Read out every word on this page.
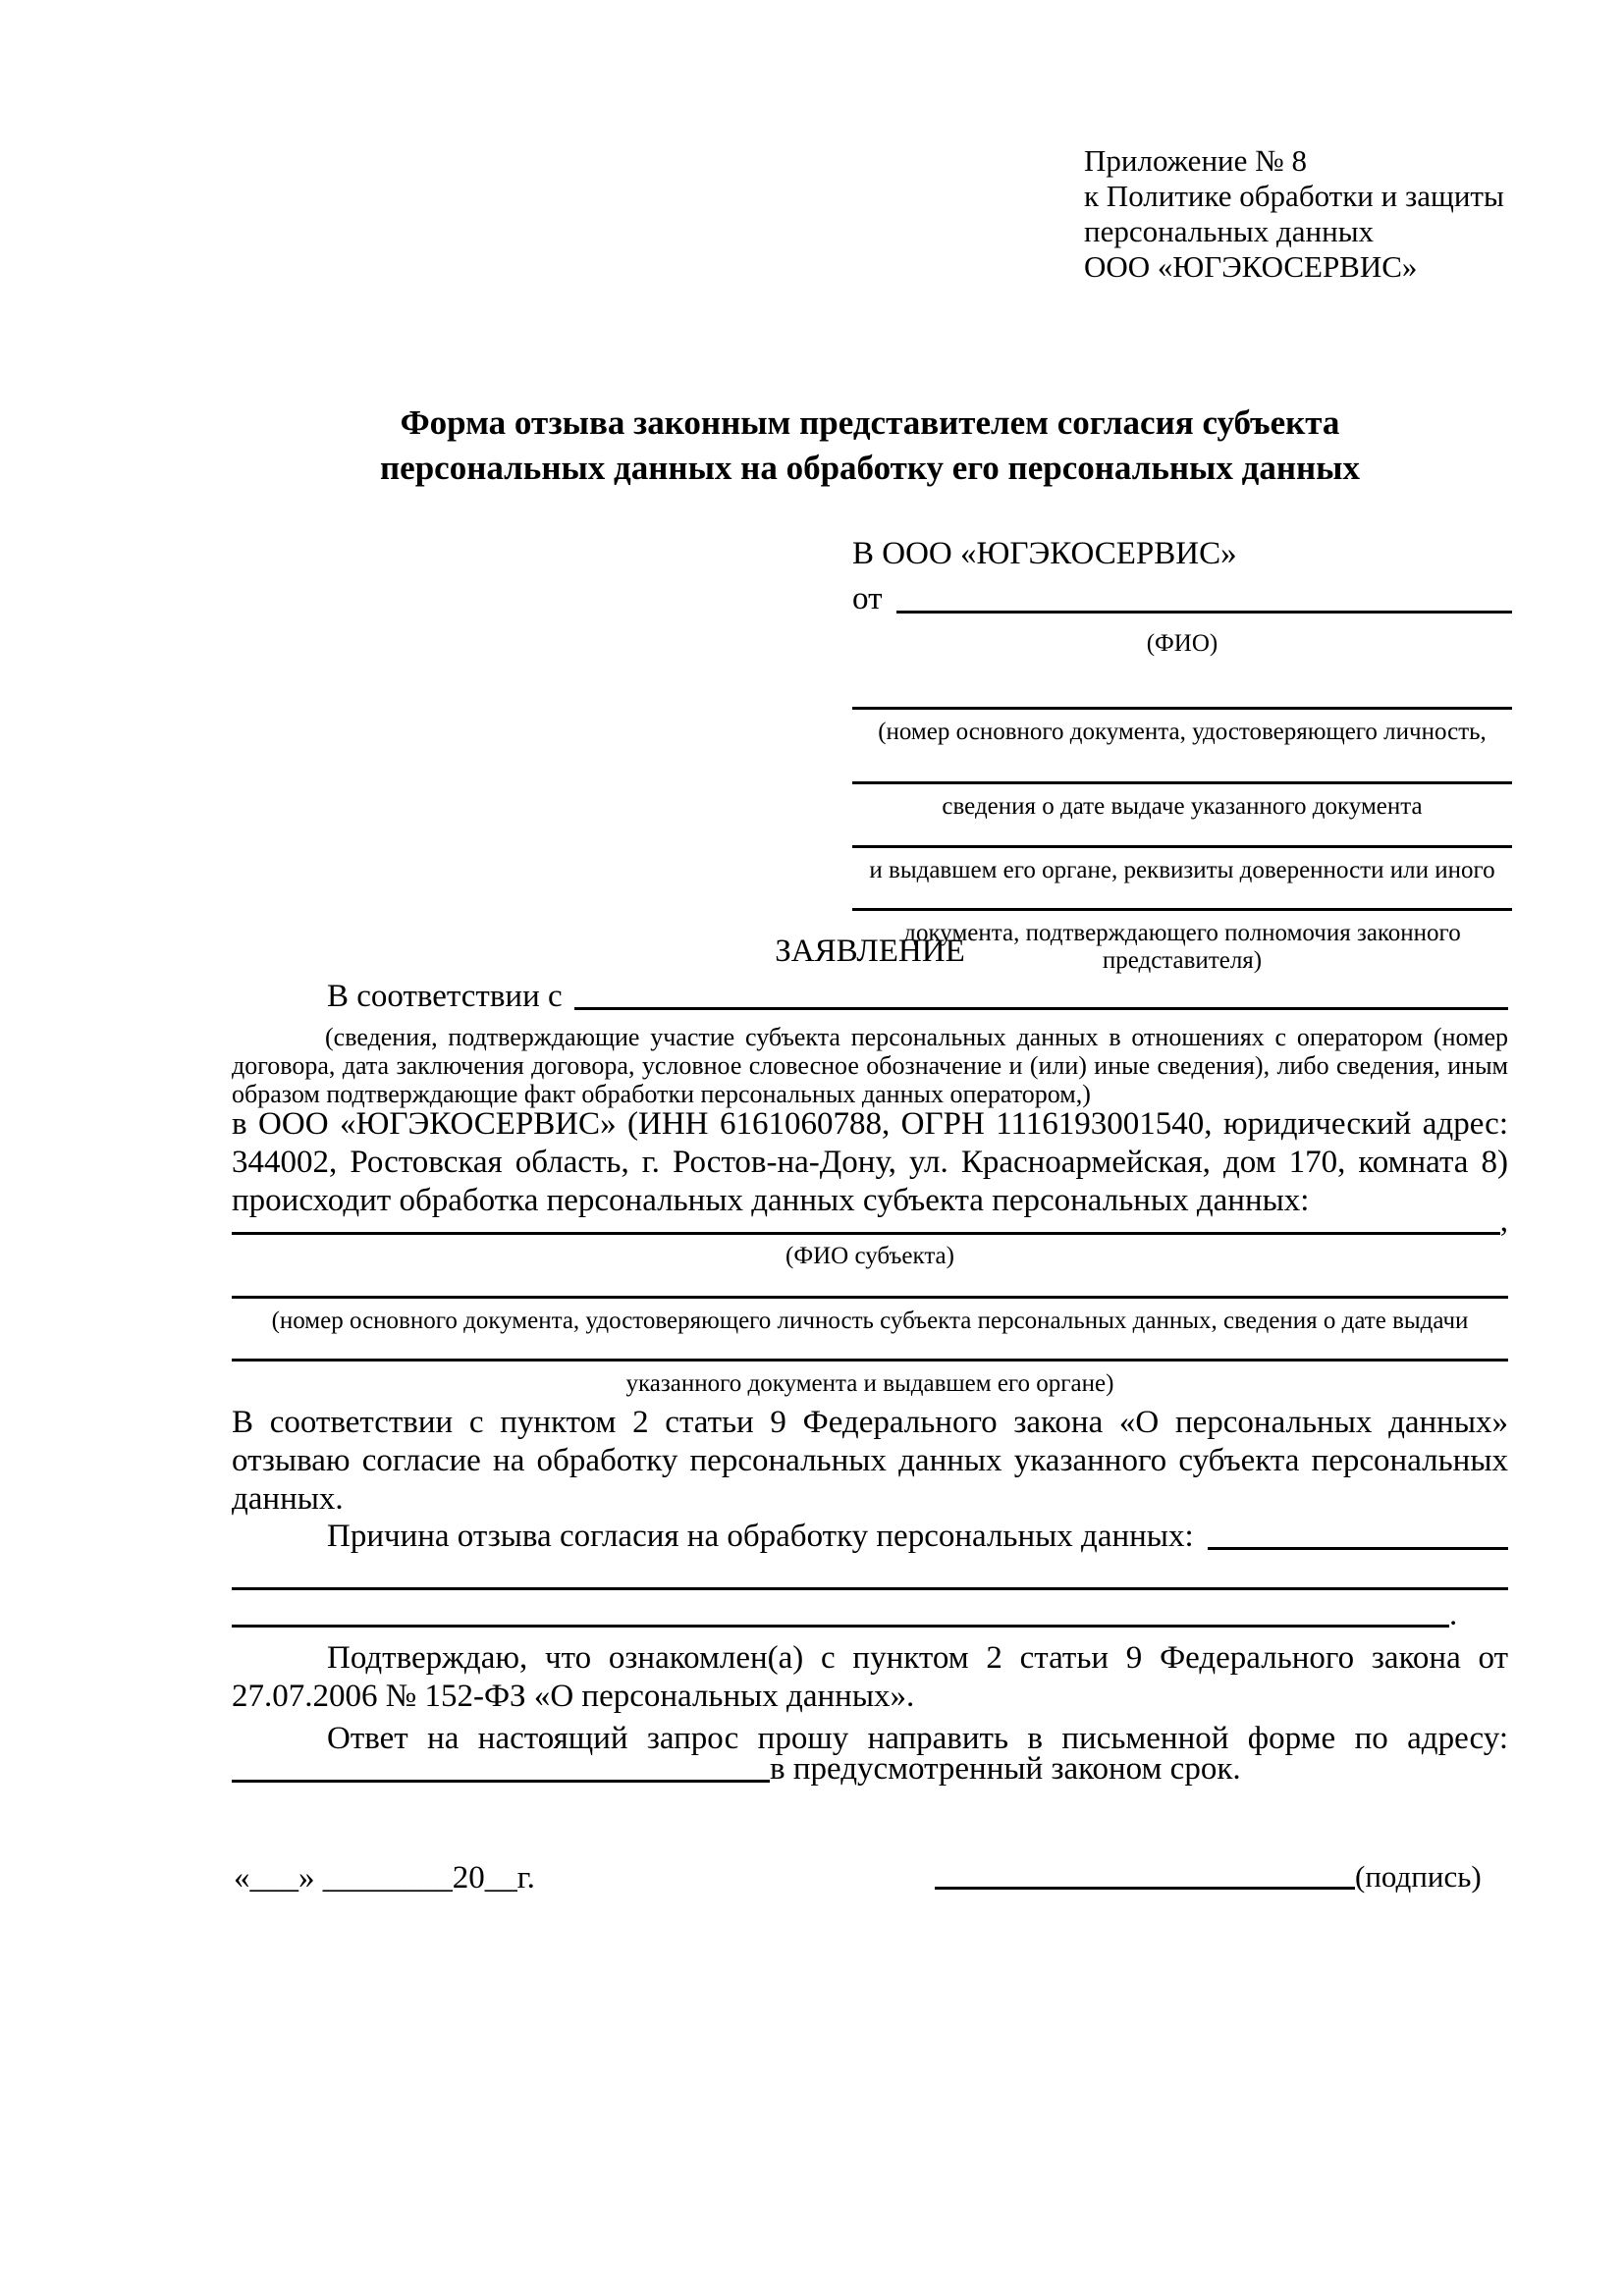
Приложение № 8
к Политике обработки и защиты
персональных данных
ООО «ЮГЭКОСЕРВИС»
Форма отзыва законным представителем согласия субъекта
персональных данных на обработку его персональных данных
В ООО «ЮГЭКОСЕРВИС»
от
(ФИО)
(номер основного документа, удостоверяющего личность,
сведения о дате выдаче указанного документа
и выдавшем его органе, реквизиты доверенности или иного
документа, подтверждающего полномочия законного представителя)
ЗАЯВЛЕНИЕ
В соответствии с
(сведения, подтверждающие участие субъекта персональных данных в отношениях с оператором (номер договора, дата заключения договора, условное словесное обозначение и (или) иные сведения), либо сведения, иным образом подтверждающие факт обработки персональных данных оператором,)
в ООО «ЮГЭКОСЕРВИС» (ИНН 6161060788, ОГРН 1116193001540, юридический адрес: 344002, Ростовская область, г. Ростов-на-Дону, ул. Красноармейская, дом 170, комната 8) происходит обработка персональных данных субъекта персональных данных:
,
(ФИО субъекта)
(номер основного документа, удостоверяющего личность субъекта персональных данных, сведения о дате выдачи
указанного документа и выдавшем его органе)
В соответствии с пунктом 2 статьи 9 Федерального закона «О персональных данных» отзываю согласие на обработку персональных данных указанного субъекта персональных данных.
Причина отзыва согласия на обработку персональных данных:
.
Подтверждаю, что ознакомлен(а) с пунктом 2 статьи 9 Федерального закона от 27.07.2006 № 152-ФЗ «О персональных данных».
Ответ на настоящий запрос прошу направить в письменной форме по адресу:
в предусмотренный законом срок.
«___» ________20__г.	(подпись)
